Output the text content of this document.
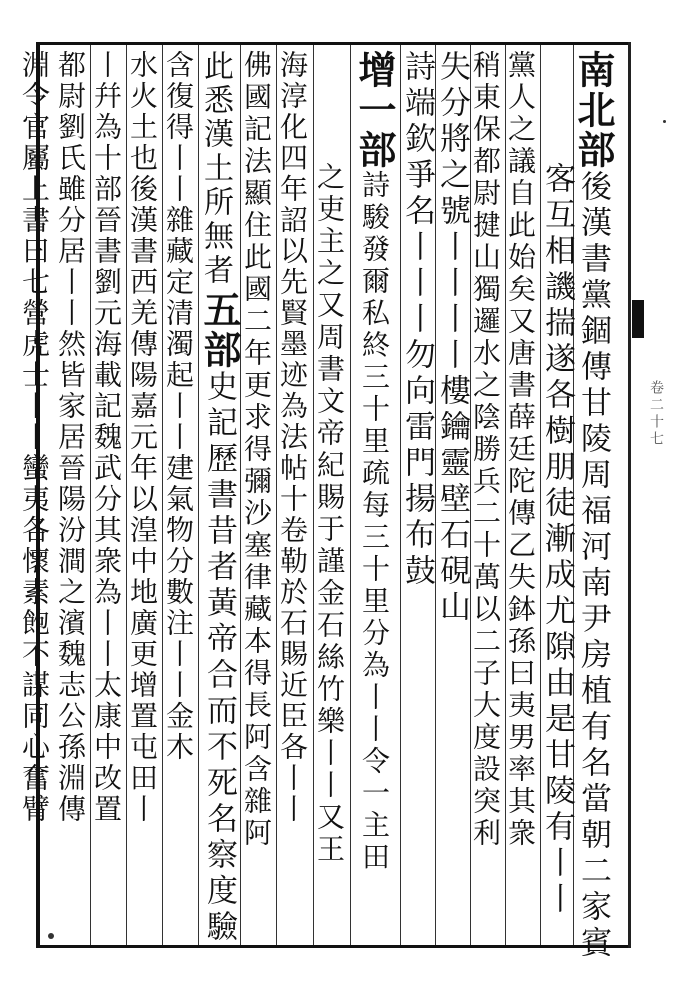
南北部後漢書黨錮傳甘陵周福河南尹房植有名當朝二家賓
客互相譏揣遂各樹朋徒漸成尤隙由是甘陵有丨丨
黨人之議自此始矣又唐書薛廷陀傳乙失鉢孫曰夷男率其衆
稍東保都尉揵山獨邏水之陰勝兵二十萬以二子大度設突利
失分將之號丨丨丨丨樓鑰靈壁石硯山
詩端欽爭名丨丨丨勿向雷門揚布鼓
增一部詩駿發爾私終三十里疏每三十里分為丨丨令一主田
之吏主之又周書文帝紀賜于謹金石絲竹樂丨丨又王
海淳化四年詔以先賢墨迹為法帖十卷勒於石賜近臣各丨丨
佛國記法顯住此國二年更求得彌沙塞律藏本得長阿含雜阿
五部史記歷書昔者黃帝合而不死名察度驗
此悉漢土所無者
含復得丨丨雜藏定清濁起丨丨建氣物分數注丨丨金木
水火土也後漢書西羌傳陽嘉元年以湟中地廣更增置屯田丨
丨幷為十部晉書劉元海載記魏武分其衆為丨丨太康中改置
都尉劉氏雖分居丨丨然皆家居晉陽汾澗之濱魏志公孫淵傳	卷二十七
淵令官屬上書曰七營虎士丨丨蠻夷各懷素飽不謀同心奮臂
